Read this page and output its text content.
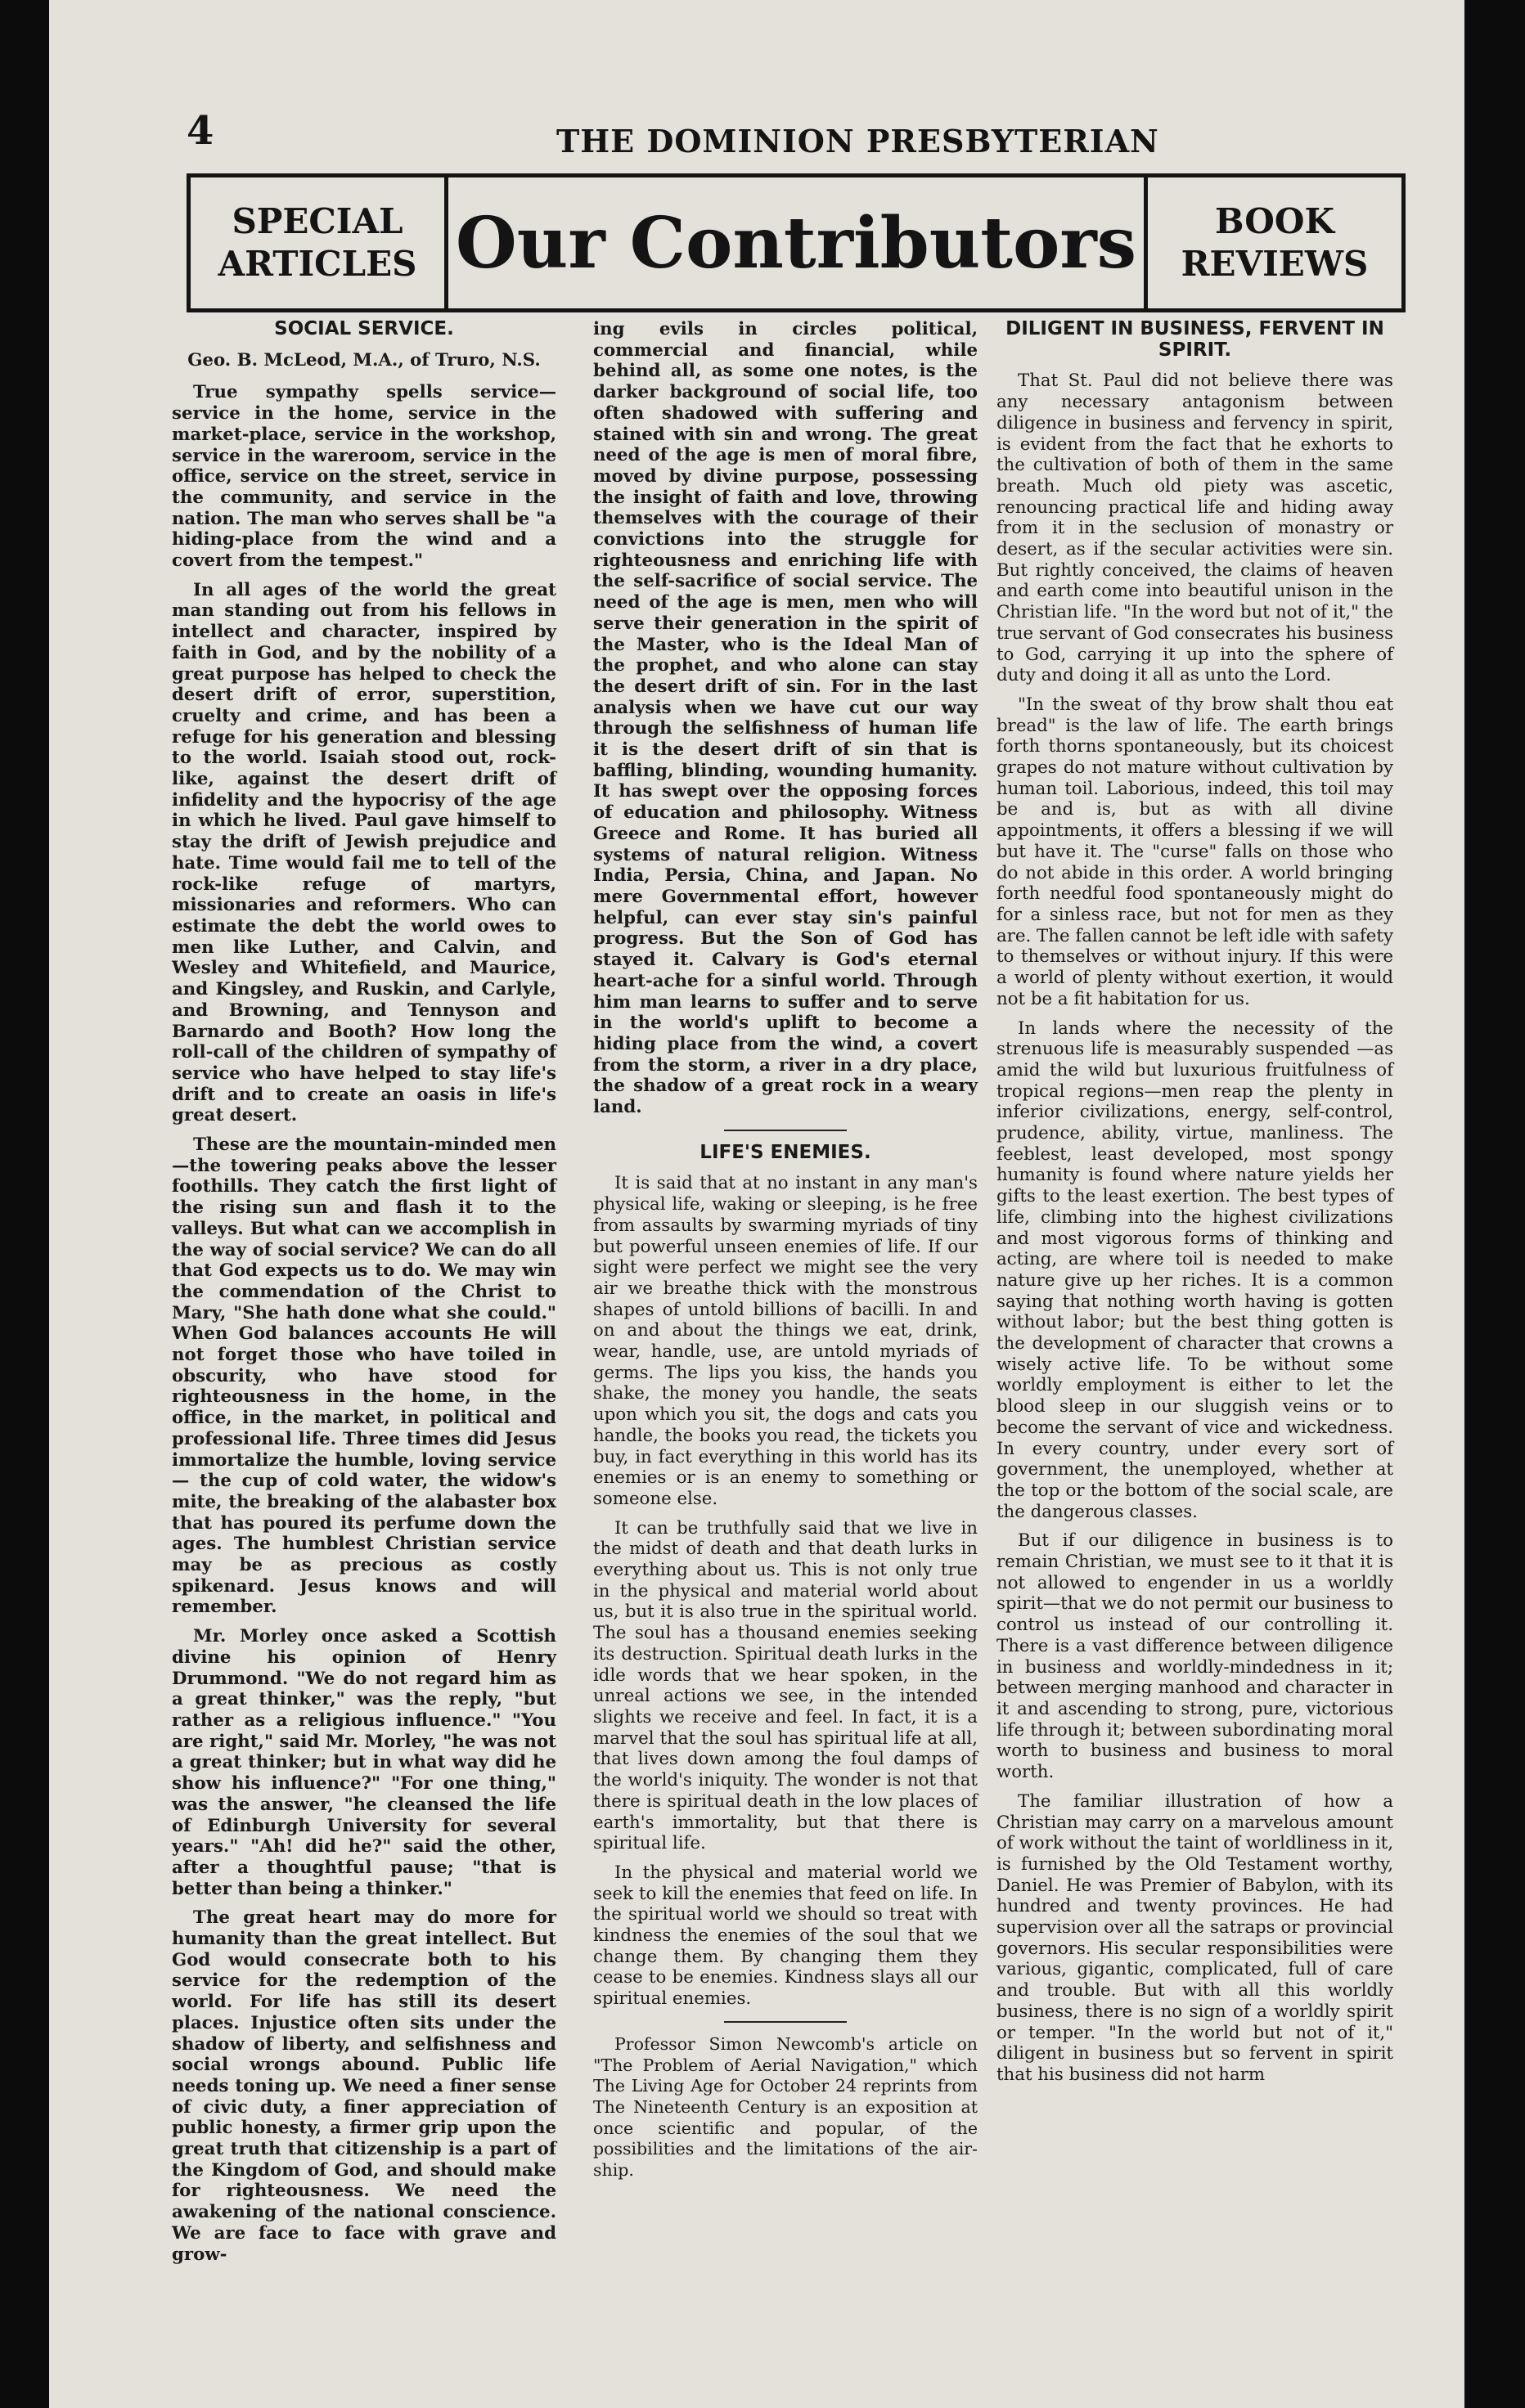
4	THE DOMINION PRESBYTERIAN
SPECIAL
ARTICLES Our Contributors BOOK
REVIEWS
SOCIAL SERVICE.

Geo. B. McLeod, M.A., of Truro, N.S.

True sympathy spells service—service in the home, service in the market-place, service in the workshop, service in the wareroom, service in the office, service on the street, service in the community, and service in the nation. The man who serves shall be "a hiding-place from the wind and a covert from the tempest."

In all ages of the world the great man standing out from his fellows in intellect and character, inspired by faith in God, and by the nobility of a great purpose has helped to check the desert drift of error, superstition, cruelty and crime, and has been a refuge for his generation and blessing to the world. Isaiah stood out, rock-like, against the desert drift of infidelity and the hypocrisy of the age in which he lived. Paul gave himself to stay the drift of Jewish prejudice and hate. Time would fail me to tell of the rock-like refuge of martyrs, missionaries and reformers. Who can estimate the debt the world owes to men like Luther, and Calvin, and Wesley and Whitefield, and Maurice, and Kingsley, and Ruskin, and Carlyle, and Browning, and Tennyson and Barnardo and Booth? How long the roll-call of the children of sympathy of service who have helped to stay life's drift and to create an oasis in life's great desert.

These are the mountain-minded men —the towering peaks above the lesser foothills. They catch the first light of the rising sun and flash it to the valleys. But what can we accomplish in the way of social service? We can do all that God expects us to do. We may win the commendation of the Christ to Mary, "She hath done what she could." When God balances accounts He will not forget those who have toiled in obscurity, who have stood for righteousness in the home, in the office, in the market, in political and professional life. Three times did Jesus immortalize the humble, loving service — the cup of cold water, the widow's mite, the breaking of the alabaster box that has poured its perfume down the ages. The humblest Christian service may be as precious as costly spikenard. Jesus knows and will remember.

Mr. Morley once asked a Scottish divine his opinion of Henry Drummond. "We do not regard him as a great thinker," was the reply, "but rather as a religious influence." "You are right," said Mr. Morley, "he was not a great thinker; but in what way did he show his influence?" "For one thing," was the answer, "he cleansed the life of Edinburgh University for several years." "Ah! did he?" said the other, after a thoughtful pause; "that is better than being a thinker."

The great heart may do more for humanity than the great intellect. But God would consecrate both to his service for the redemption of the world. For life has still its desert places. Injustice often sits under the shadow of liberty, and selfishness and social wrongs abound. Public life needs toning up. We need a finer sense of civic duty, a finer appreciation of public honesty, a firmer grip upon the great truth that citizenship is a part of the Kingdom of God, and should make for righteousness. We need the awakening of the national conscience. We are face to face with grave and grow-

ing evils in circles political, commercial and financial, while behind all, as some one notes, is the darker background of social life, too often shadowed with suffering and stained with sin and wrong. The great need of the age is men of moral fibre, moved by divine purpose, possessing the insight of faith and love, throwing themselves with the courage of their convictions into the struggle for righteousness and enriching life with the self-sacrifice of social service. The need of the age is men, men who will serve their generation in the spirit of the Master, who is the Ideal Man of the prophet, and who alone can stay the desert drift of sin. For in the last analysis when we have cut our way through the selfishness of human life it is the desert drift of sin that is baffling, blinding, wounding humanity. It has swept over the opposing forces of education and philosophy. Witness Greece and Rome. It has buried all systems of natural religion. Witness India, Persia, China, and Japan. No mere Governmental effort, however helpful, can ever stay sin's painful progress. But the Son of God has stayed it. Calvary is God's eternal heart-ache for a sinful world. Through him man learns to suffer and to serve in the world's uplift to become a hiding place from the wind, a covert from the storm, a river in a dry place, the shadow of a great rock in a weary land.

LIFE'S ENEMIES.

It is said that at no instant in any man's physical life, waking or sleeping, is he free from assaults by swarming myriads of tiny but powerful unseen enemies of life. If our sight were perfect we might see the very air we breathe thick with the monstrous shapes of untold billions of bacilli. In and on and about the things we eat, drink, wear, handle, use, are untold myriads of germs. The lips you kiss, the hands you shake, the money you handle, the seats upon which you sit, the dogs and cats you handle, the books you read, the tickets you buy, in fact everything in this world has its enemies or is an enemy to something or someone else.

It can be truthfully said that we live in the midst of death and that death lurks in everything about us. This is not only true in the physical and material world about us, but it is also true in the spiritual world. The soul has a thousand enemies seeking its destruction. Spiritual death lurks in the idle words that we hear spoken, in the unreal actions we see, in the intended slights we receive and feel. In fact, it is a marvel that the soul has spiritual life at all, that lives down among the foul damps of the world's iniquity. The wonder is not that there is spiritual death in the low places of earth's immortality, but that there is spiritual life.

In the physical and material world we seek to kill the enemies that feed on life. In the spiritual world we should so treat with kindness the enemies of the soul that we change them. By changing them they cease to be enemies. Kindness slays all our spiritual enemies.

Professor Simon Newcomb's article on "The Problem of Aerial Navigation," which The Living Age for October 24 reprints from The Nineteenth Century is an exposition at once scientific and popular, of the possibilities and the limitations of the air-ship.

DILIGENT IN BUSINESS, FERVENT IN SPIRIT.

That St. Paul did not believe there was any necessary antagonism between diligence in business and fervency in spirit, is evident from the fact that he exhorts to the cultivation of both of them in the same breath. Much old piety was ascetic, renouncing practical life and hiding away from it in the seclusion of monastry or desert, as if the secular activities were sin. But rightly conceived, the claims of heaven and earth come into beautiful unison in the Christian life. "In the word but not of it," the true servant of God consecrates his business to God, carrying it up into the sphere of duty and doing it all as unto the Lord.

"In the sweat of thy brow shalt thou eat bread" is the law of life. The earth brings forth thorns spontaneously, but its choicest grapes do not mature without cultivation by human toil. Laborious, indeed, this toil may be and is, but as with all divine appointments, it offers a blessing if we will but have it. The "curse" falls on those who do not abide in this order. A world bringing forth needful food spontaneously might do for a sinless race, but not for men as they are. The fallen cannot be left idle with safety to themselves or without injury. If this were a world of plenty without exertion, it would not be a fit habitation for us.

In lands where the necessity of the strenuous life is measurably suspended —as amid the wild but luxurious fruitfulness of tropical regions—men reap the plenty in inferior civilizations, energy, self-control, prudence, ability, virtue, manliness. The feeblest, least developed, most spongy humanity is found where nature yields her gifts to the least exertion. The best types of life, climbing into the highest civilizations and most vigorous forms of thinking and acting, are where toil is needed to make nature give up her riches. It is a common saying that nothing worth having is gotten without labor; but the best thing gotten is the development of character that crowns a wisely active life. To be without some worldly employment is either to let the blood sleep in our sluggish veins or to become the servant of vice and wickedness. In every country, under every sort of government, the unemployed, whether at the top or the bottom of the social scale, are the dangerous classes.

But if our diligence in business is to remain Christian, we must see to it that it is not allowed to engender in us a worldly spirit—that we do not permit our business to control us instead of our controlling it. There is a vast difference between diligence in business and worldly-mindedness in it; between merging manhood and character in it and ascending to strong, pure, victorious life through it; between subordinating moral worth to business and business to moral worth.

The familiar illustration of how a Christian may carry on a marvelous amount of work without the taint of worldliness in it, is furnished by the Old Testament worthy, Daniel. He was Premier of Babylon, with its hundred and twenty provinces. He had supervision over all the satraps or provincial governors. His secular responsibilities were various, gigantic, complicated, full of care and trouble. But with all this worldly business, there is no sign of a worldly spirit or temper. "In the world but not of it," diligent in business but so fervent in spirit that his business did not harm
